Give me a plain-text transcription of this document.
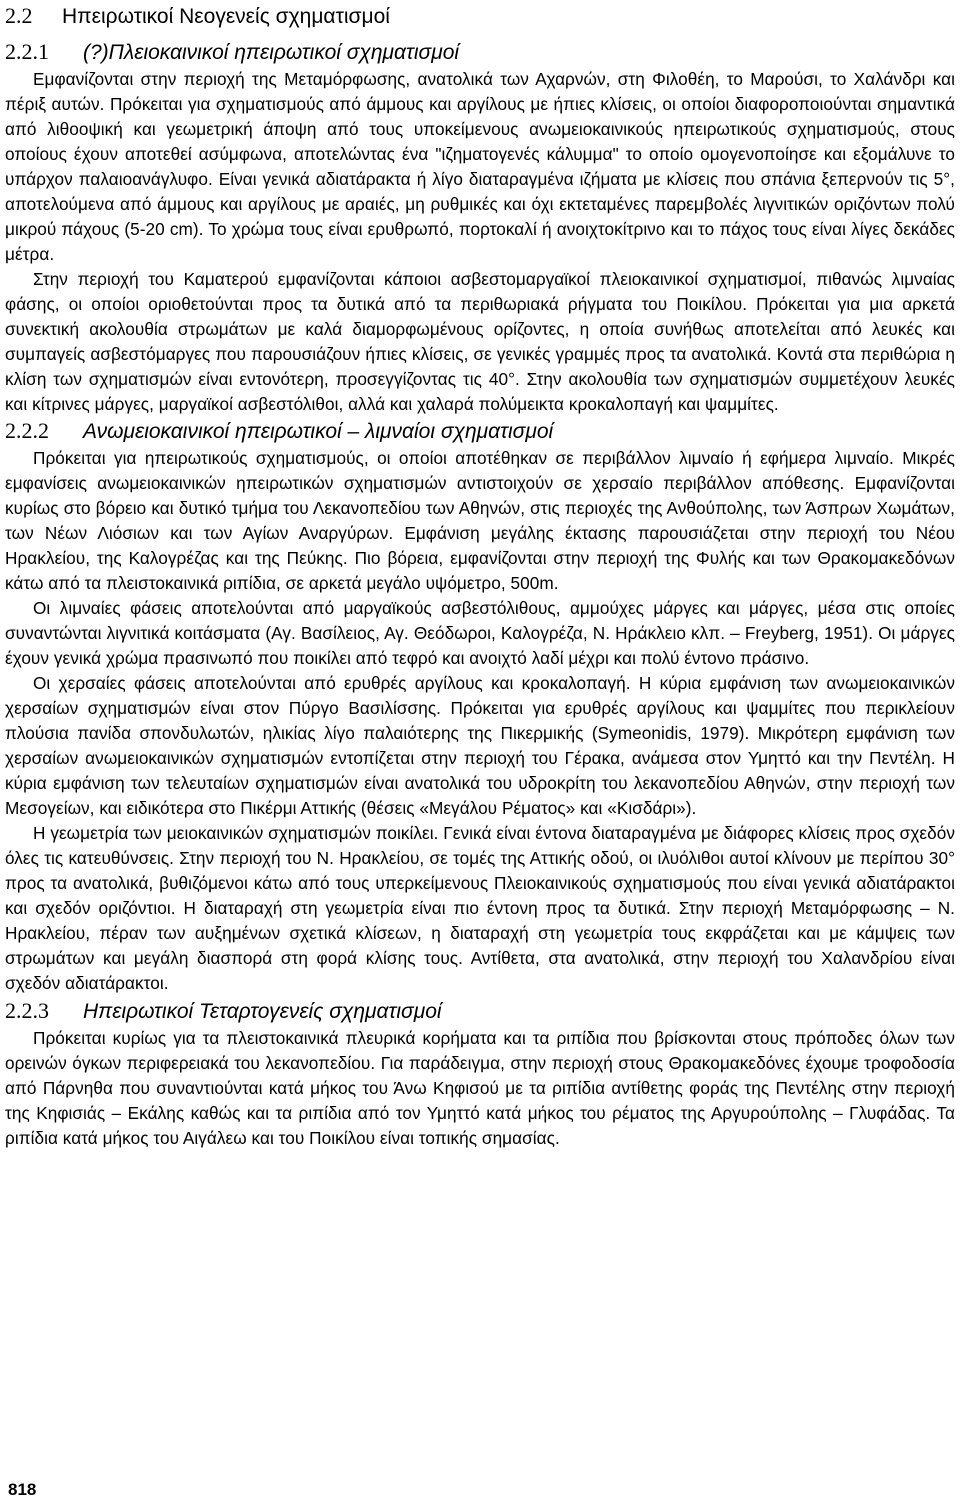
2.2 Ηπειρωτικοί Νεογενείς σχηματισμοί
2.2.1 (?)Πλειοκαινικοί ηπειρωτικοί σχηματισμοί

Εμφανίζονται στην περιοχή της Μεταμόρφωσης, ανατολικά των Αχαρνών, στη Φιλοθέη, το Μαρούσι, το Χαλάνδρι και πέριξ αυτών. Πρόκειται για σχηματισμούς από άμμους και αργίλους με ήπιες κλίσεις, οι οποίοι διαφοροποιούνται σημαντικά από λιθοοψική και γεωμετρική άποψη από τους υποκείμενους ανωμειοκαινικούς ηπειρωτικούς σχηματισμούς, στους οποίους έχουν αποτεθεί ασύμφωνα, αποτελώντας ένα "ιζηματογενές κάλυμμα" το οποίο ομογενοποίησε και εξομάλυνε το υπάρχον παλαιοανάγλυφο. Είναι γενικά αδιατάρακτα ή λίγο διαταραγμένα ιζήματα με κλίσεις που σπάνια ξεπερνούν τις 5°, αποτελούμενα από άμμους και αργίλους με αραιές, μη ρυθμικές και όχι εκτεταμένες παρεμβολές λιγνιτικών οριζόντων πολύ μικρού πάχους (5-20 cm). Το χρώμα τους είναι ερυθρωπό, πορτοκαλί ή ανοιχτοκίτρινο και το πάχος τους είναι λίγες δεκάδες μέτρα.

Στην περιοχή του Καματερού εμφανίζονται κάποιοι ασβεστομαργαϊκοί πλειοκαινικοί σχηματισμοί, πιθανώς λιμναίας φάσης, οι οποίοι οριοθετούνται προς τα δυτικά από τα περιθωριακά ρήγματα του Ποικίλου. Πρόκειται για μια αρκετά συνεκτική ακολουθία στρωμάτων με καλά διαμορφωμένους ορίζοντες, η οποία συνήθως αποτελείται από λευκές και συμπαγείς ασβεστόμαργες που παρουσιάζουν ήπιες κλίσεις, σε γενικές γραμμές προς τα ανατολικά. Κοντά στα περιθώρια η κλίση των σχηματισμών είναι εντονότερη, προσεγγίζοντας τις 40°. Στην ακολουθία των σχηματισμών συμμετέχουν λευκές και κίτρινες μάργες, μαργαϊκοί ασβεστόλιθοι, αλλά και χαλαρά πολύμεικτα κροκαλοπαγή και ψαμμίτες.

2.2.2 Ανωμειοκαινικοί ηπειρωτικοί – λιμναίοι σχηματισμοί

Πρόκειται για ηπειρωτικούς σχηματισμούς, οι οποίοι αποτέθηκαν σε περιβάλλον λιμναίο ή εφήμερα λιμναίο. Μικρές εμφανίσεις ανωμειοκαινικών ηπειρωτικών σχηματισμών αντιστοιχούν σε χερσαίο περιβάλλον απόθεσης. Εμφανίζονται κυρίως στο βόρειο και δυτικό τμήμα του Λεκανοπεδίου των Αθηνών, στις περιοχές της Ανθούπολης, των Άσπρων Χωμάτων, των Νέων Λιόσιων και των Αγίων Αναργύρων. Εμφάνιση μεγάλης έκτασης παρουσιάζεται στην περιοχή του Νέου Ηρακλείου, της Καλογρέζας και της Πεύκης. Πιο βόρεια, εμφανίζονται στην περιοχή της Φυλής και των Θρακομακεδόνων κάτω από τα πλειστοκαινικά ριπίδια, σε αρκετά μεγάλο υψόμετρο, 500m.

Οι λιμναίες φάσεις αποτελούνται από μαργαϊκούς ασβεστόλιθους, αμμούχες μάργες και μάργες, μέσα στις οποίες συναντώνται λιγνιτικά κοιτάσματα (Αγ. Βασίλειος, Αγ. Θεόδωροι, Καλογρέζα, Ν. Ηράκλειο κλπ. – Freyberg, 1951). Οι μάργες έχουν γενικά χρώμα πρασινωπό που ποικίλει από τεφρό και ανοιχτό λαδί μέχρι και πολύ έντονο πράσινο.

Οι χερσαίες φάσεις αποτελούνται από ερυθρές αργίλους και κροκαλοπαγή. Η κύρια εμφάνιση των ανωμειοκαινικών χερσαίων σχηματισμών είναι στον Πύργο Βασιλίσσης. Πρόκειται για ερυθρές αργίλους και ψαμμίτες που περικλείουν πλούσια πανίδα σπονδυλωτών, ηλικίας λίγο παλαιότερης της Πικερμικής (Symeonidis, 1979). Μικρότερη εμφάνιση των χερσαίων ανωμειοκαινικών σχηματισμών εντοπίζεται στην περιοχή του Γέρακα, ανάμεσα στον Υμηττό και την Πεντέλη. Η κύρια εμφάνιση των τελευταίων σχηματισμών είναι ανατολικά του υδροκρίτη του λεκανοπεδίου Αθηνών, στην περιοχή των Μεσογείων, και ειδικότερα στο Πικέρμι Αττικής (θέσεις «Μεγάλου Ρέματος» και «Κισδάρι»).

Η γεωμετρία των μειοκαινικών σχηματισμών ποικίλει. Γενικά είναι έντονα διαταραγμένα με διάφορες κλίσεις προς σχεδόν όλες τις κατευθύνσεις. Στην περιοχή του Ν. Ηρακλείου, σε τομές της Αττικής οδού, οι ιλυόλιθοι αυτοί κλίνουν με περίπου 30° προς τα ανατολικά, βυθιζόμενοι κάτω από τους υπερκείμενους Πλειοκαινικούς σχηματισμούς που είναι γενικά αδιατάρακτοι και σχεδόν οριζόντιοι. Η διαταραχή στη γεωμετρία είναι πιο έντονη προς τα δυτικά. Στην περιοχή Μεταμόρφωσης – Ν. Ηρακλείου, πέραν των αυξημένων σχετικά κλίσεων, η διαταραχή στη γεωμετρία τους εκφράζεται και με κάμψεις των στρωμάτων και μεγάλη διασπορά στη φορά κλίσης τους. Αντίθετα, στα ανατολικά, στην περιοχή του Χαλανδρίου είναι σχεδόν αδιατάρακτοι.

2.2.3 Ηπειρωτικοί Τεταρτογενείς σχηματισμοί

Πρόκειται κυρίως για τα πλειστοκαινικά πλευρικά κορήματα και τα ριπίδια που βρίσκονται στους πρόποδες όλων των ορεινών όγκων περιφερειακά του λεκανοπεδίου. Για παράδειγμα, στην περιοχή στους Θρακομακεδόνες έχουμε τροφοδοσία από Πάρνηθα που συναντιούνται κατά μήκος του Άνω Κηφισού με τα ριπίδια αντίθετης φοράς της Πεντέλης στην περιοχή της Κηφισιάς – Εκάλης καθώς και τα ριπίδια από τον Υμηττό κατά μήκος του ρέματος της Αργυρούπολης – Γλυφάδας. Τα ριπίδια κατά μήκος του Αιγάλεω και του Ποικίλου είναι τοπικής σημασίας.

818
